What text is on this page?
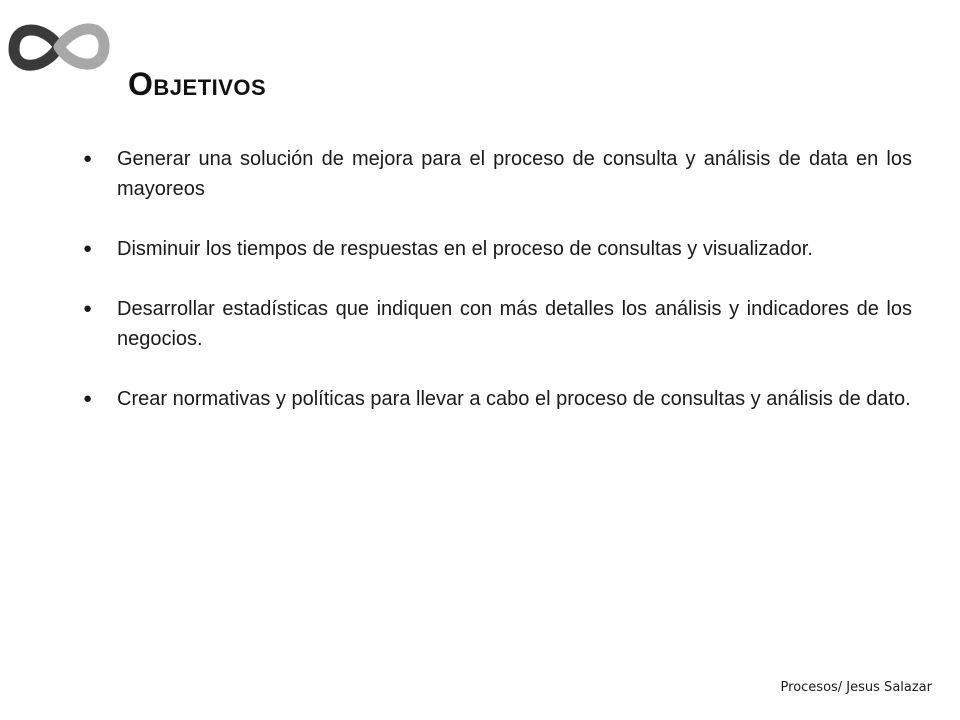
Objetivos
● Generar una solución de mejora para el proceso de consulta y análisis de data en los mayoreos
● Disminuir los tiempos de respuestas en el proceso de consultas y visualizador.
● Desarrollar estadísticas que indiquen con más detalles los análisis y indicadores de los negocios.
● Crear normativas y políticas para llevar a cabo el proceso de consultas y análisis de dato.
Procesos/ Jesus Salazar
